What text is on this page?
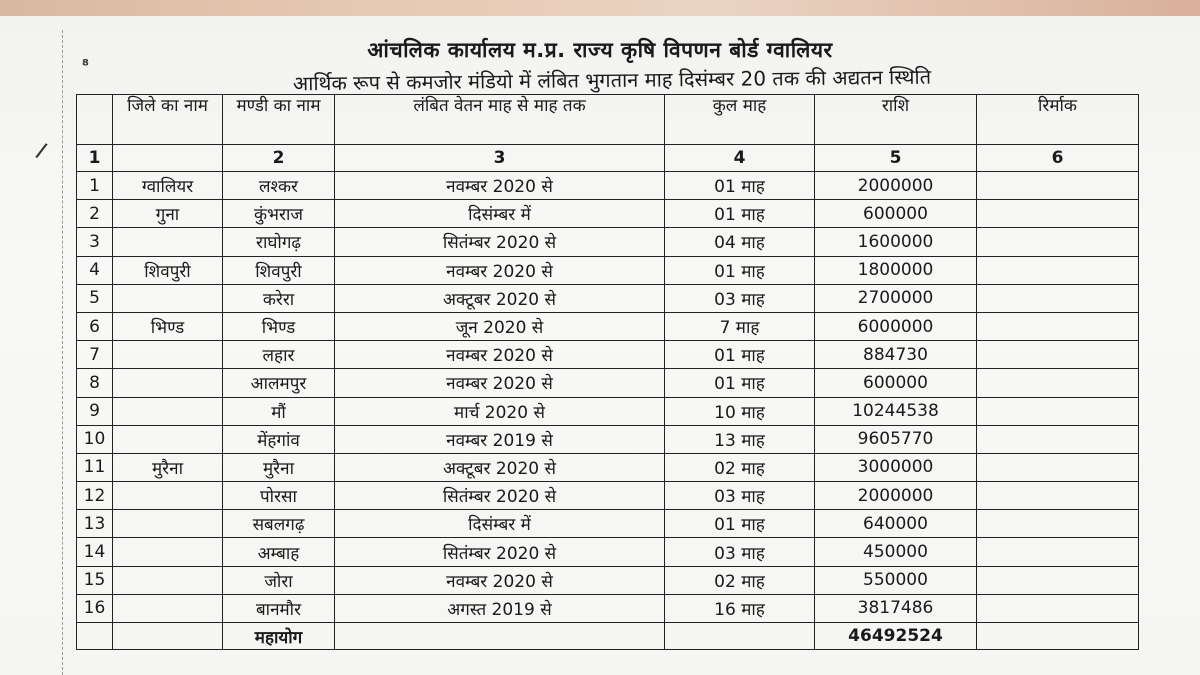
⁸
/
आंचलिक कार्यालय म.प्र. राज्य कृषि विपणन बोर्ड ग्वालियर
आर्थिक रूप से कमजोर मंडियो में लंबित भुगतान माह दिसंम्बर 20 तक की अद्यतन स्थिति
	जिले का नाम	मण्डी का नाम	लंबित वेतन माह से माह तक	कुल माह	राशि	रिर्माक
1		2	3	4	5	6
1	ग्वालियर	लश्कर	नवम्बर 2020 से	01 माह	2000000	
2	गुना	कुंभराज	दिसंम्बर में	01 माह	600000	
3		राघोगढ़	सितंम्बर 2020 से	04 माह	1600000	
4	शिवपुरी	शिवपुरी	नवम्बर 2020 से	01 माह	1800000	
5		करेरा	अक्टूबर 2020 से	03 माह	2700000	
6	भिण्ड	भिण्ड	जून 2020 से	7 माह	6000000	
7		लहार	नवम्बर 2020 से	01 माह	884730	
8		आलमपुर	नवम्बर 2020 से	01 माह	600000	
9		मौं	मार्च 2020 से	10 माह	10244538	
10		मेंहगांव	नवम्बर 2019 से	13 माह	9605770	
11	मुरैना	मुरैना	अक्टूबर 2020 से	02 माह	3000000	
12		पोरसा	सितंम्बर 2020 से	03 माह	2000000	
13		सबलगढ़	दिसंम्बर में	01 माह	640000	
14		अम्बाह	सितंम्बर 2020 से	03 माह	450000	
15		जोरा	नवम्बर 2020 से	02 माह	550000	
16		बानमौर	अगस्त 2019 से	16 माह	3817486	
		महायोग			46492524	
